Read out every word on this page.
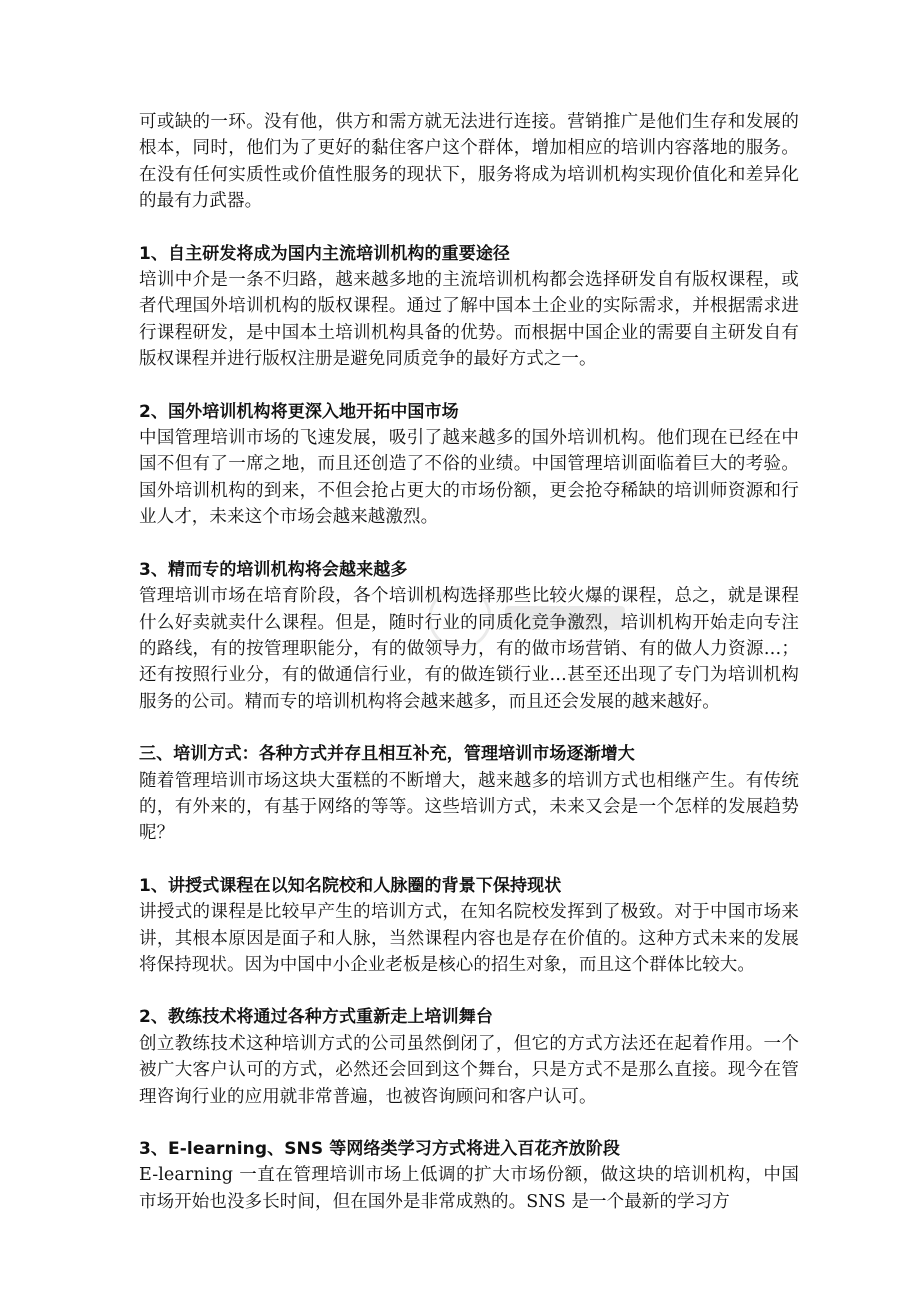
可或缺的一环。没有他，供方和需方就无法进行连接。营销推广是他们生存和发展的根本，同时，他们为了更好的黏住客户这个群体，增加相应的培训内容落地的服务。在没有任何实质性或价值性服务的现状下，服务将成为培训机构实现价值化和差异化的最有力武器。

1、自主研发将成为国内主流培训机构的重要途径

培训中介是一条不归路，越来越多地的主流培训机构都会选择研发自有版权课程，或者代理国外培训机构的版权课程。通过了解中国本土企业的实际需求，并根据需求进行课程研发，是中国本土培训机构具备的优势。而根据中国企业的需要自主研发自有版权课程并进行版权注册是避免同质竞争的最好方式之一。

2、国外培训机构将更深入地开拓中国市场

中国管理培训市场的飞速发展，吸引了越来越多的国外培训机构。他们现在已经在中国不但有了一席之地，而且还创造了不俗的业绩。中国管理培训面临着巨大的考验。国外培训机构的到来，不但会抢占更大的市场份额，更会抢夺稀缺的培训师资源和行业人才，未来这个市场会越来越激烈。

3、精而专的培训机构将会越来越多

管理培训市场在培育阶段，各个培训机构选择那些比较火爆的课程，总之，就是课程什么好卖就卖什么课程。但是，随时行业的同质化竞争激烈，培训机构开始走向专注的路线，有的按管理职能分，有的做领导力，有的做市场营销、有的做人力资源…；还有按照行业分，有的做通信行业，有的做连锁行业…甚至还出现了专门为培训机构服务的公司。精而专的培训机构将会越来越多，而且还会发展的越来越好。

三、培训方式：各种方式并存且相互补充，管理培训市场逐渐增大

随着管理培训市场这块大蛋糕的不断增大，越来越多的培训方式也相继产生。有传统的，有外来的，有基于网络的等等。这些培训方式，未来又会是一个怎样的发展趋势呢？

1、讲授式课程在以知名院校和人脉圈的背景下保持现状

讲授式的课程是比较早产生的培训方式，在知名院校发挥到了极致。对于中国市场来讲，其根本原因是面子和人脉，当然课程内容也是存在价值的。这种方式未来的发展将保持现状。因为中国中小企业老板是核心的招生对象，而且这个群体比较大。

2、教练技术将通过各种方式重新走上培训舞台

创立教练技术这种培训方式的公司虽然倒闭了，但它的方式方法还在起着作用。一个被广大客户认可的方式，必然还会回到这个舞台，只是方式不是那么直接。现今在管理咨询行业的应用就非常普遍，也被咨询顾问和客户认可。

3、E-learning、SNS 等网络类学习方式将进入百花齐放阶段

E-learning 一直在管理培训市场上低调的扩大市场份额，做这块的培训机构，中国市场开始也没多长时间，但在国外是非常成熟的。SNS 是一个最新的学习方
